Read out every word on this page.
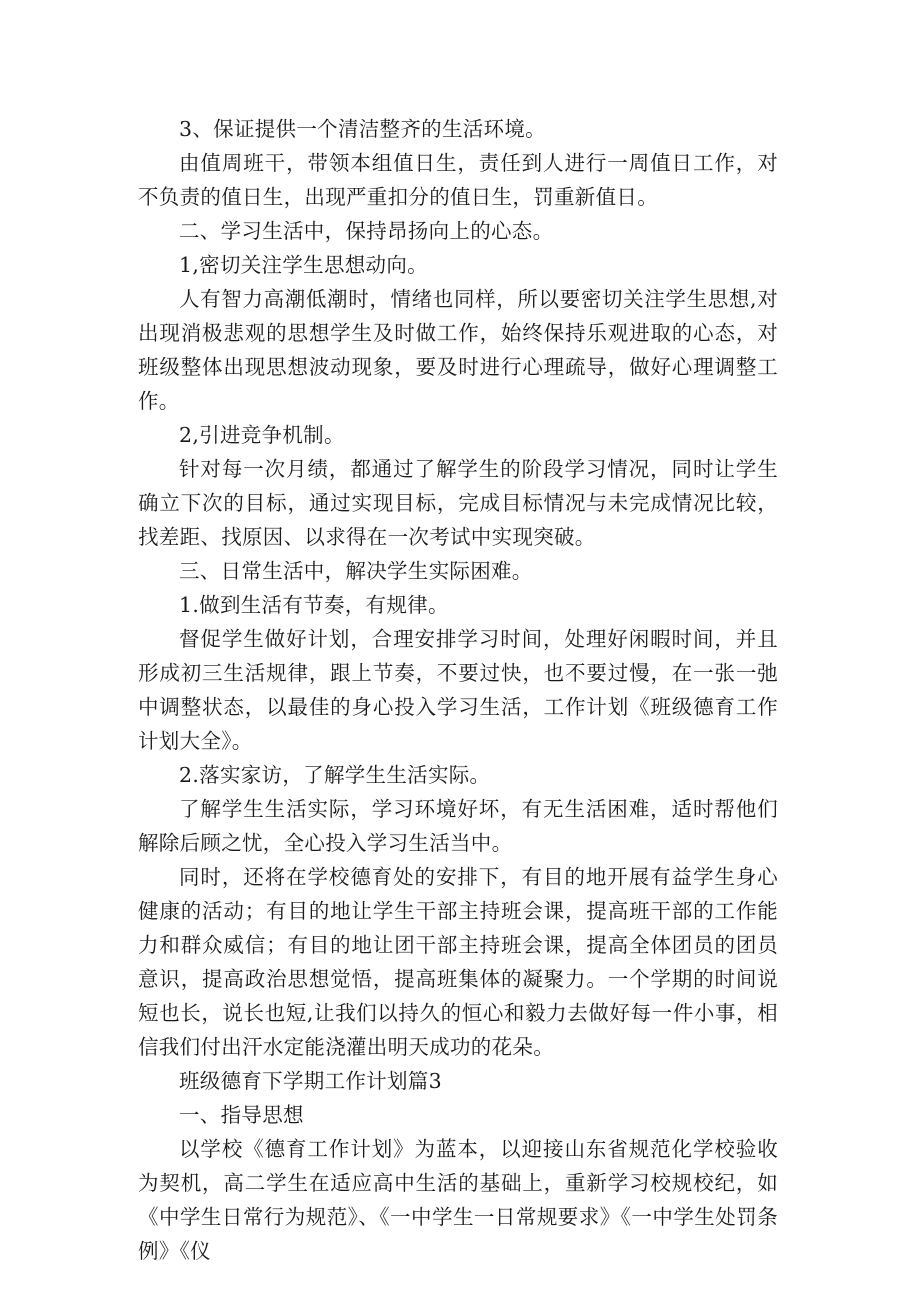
3、保证提供一个清洁整齐的生活环境。

由值周班干，带领本组值日生，责任到人进行一周值日工作，对不负责的值日生，出现严重扣分的值日生，罚重新值日。

二、学习生活中，保持昂扬向上的心态。

1,密切关注学生思想动向。

人有智力高潮低潮时，情绪也同样，所以要密切关注学生思想,对出现消极悲观的思想学生及时做工作，始终保持乐观进取的心态，对班级整体出现思想波动现象，要及时进行心理疏导，做好心理调整工作。

2,引进竞争机制。

针对每一次月绩，都通过了解学生的阶段学习情况，同时让学生确立下次的目标，通过实现目标，完成目标情况与未完成情况比较，找差距、找原因、以求得在一次考试中实现突破。

三、日常生活中，解决学生实际困难。

1.做到生活有节奏，有规律。

督促学生做好计划，合理安排学习时间，处理好闲暇时间，并且形成初三生活规律，跟上节奏，不要过快，也不要过慢，在一张一弛中调整状态，以最佳的身心投入学习生活，工作计划《班级德育工作计划大全》。

2.落实家访，了解学生生活实际。

了解学生生活实际，学习环境好坏，有无生活困难，适时帮他们解除后顾之忧，全心投入学习生活当中。

同时，还将在学校德育处的安排下，有目的地开展有益学生身心健康的活动；有目的地让学生干部主持班会课，提高班干部的工作能力和群众威信；有目的地让团干部主持班会课，提高全体团员的团员意识，提高政治思想觉悟，提高班集体的凝聚力。一个学期的时间说短也长，说长也短,让我们以持久的恒心和毅力去做好每一件小事，相信我们付出汗水定能浇灌出明天成功的花朵。

班级德育下学期工作计划篇3

一、指导思想

以学校《德育工作计划》为蓝本，以迎接山东省规范化学校验收为契机，高二学生在适应高中生活的基础上，重新学习校规校纪，如《中学生日常行为规范》、《一中学生一日常规要求》《一中学生处罚条例》《仪
